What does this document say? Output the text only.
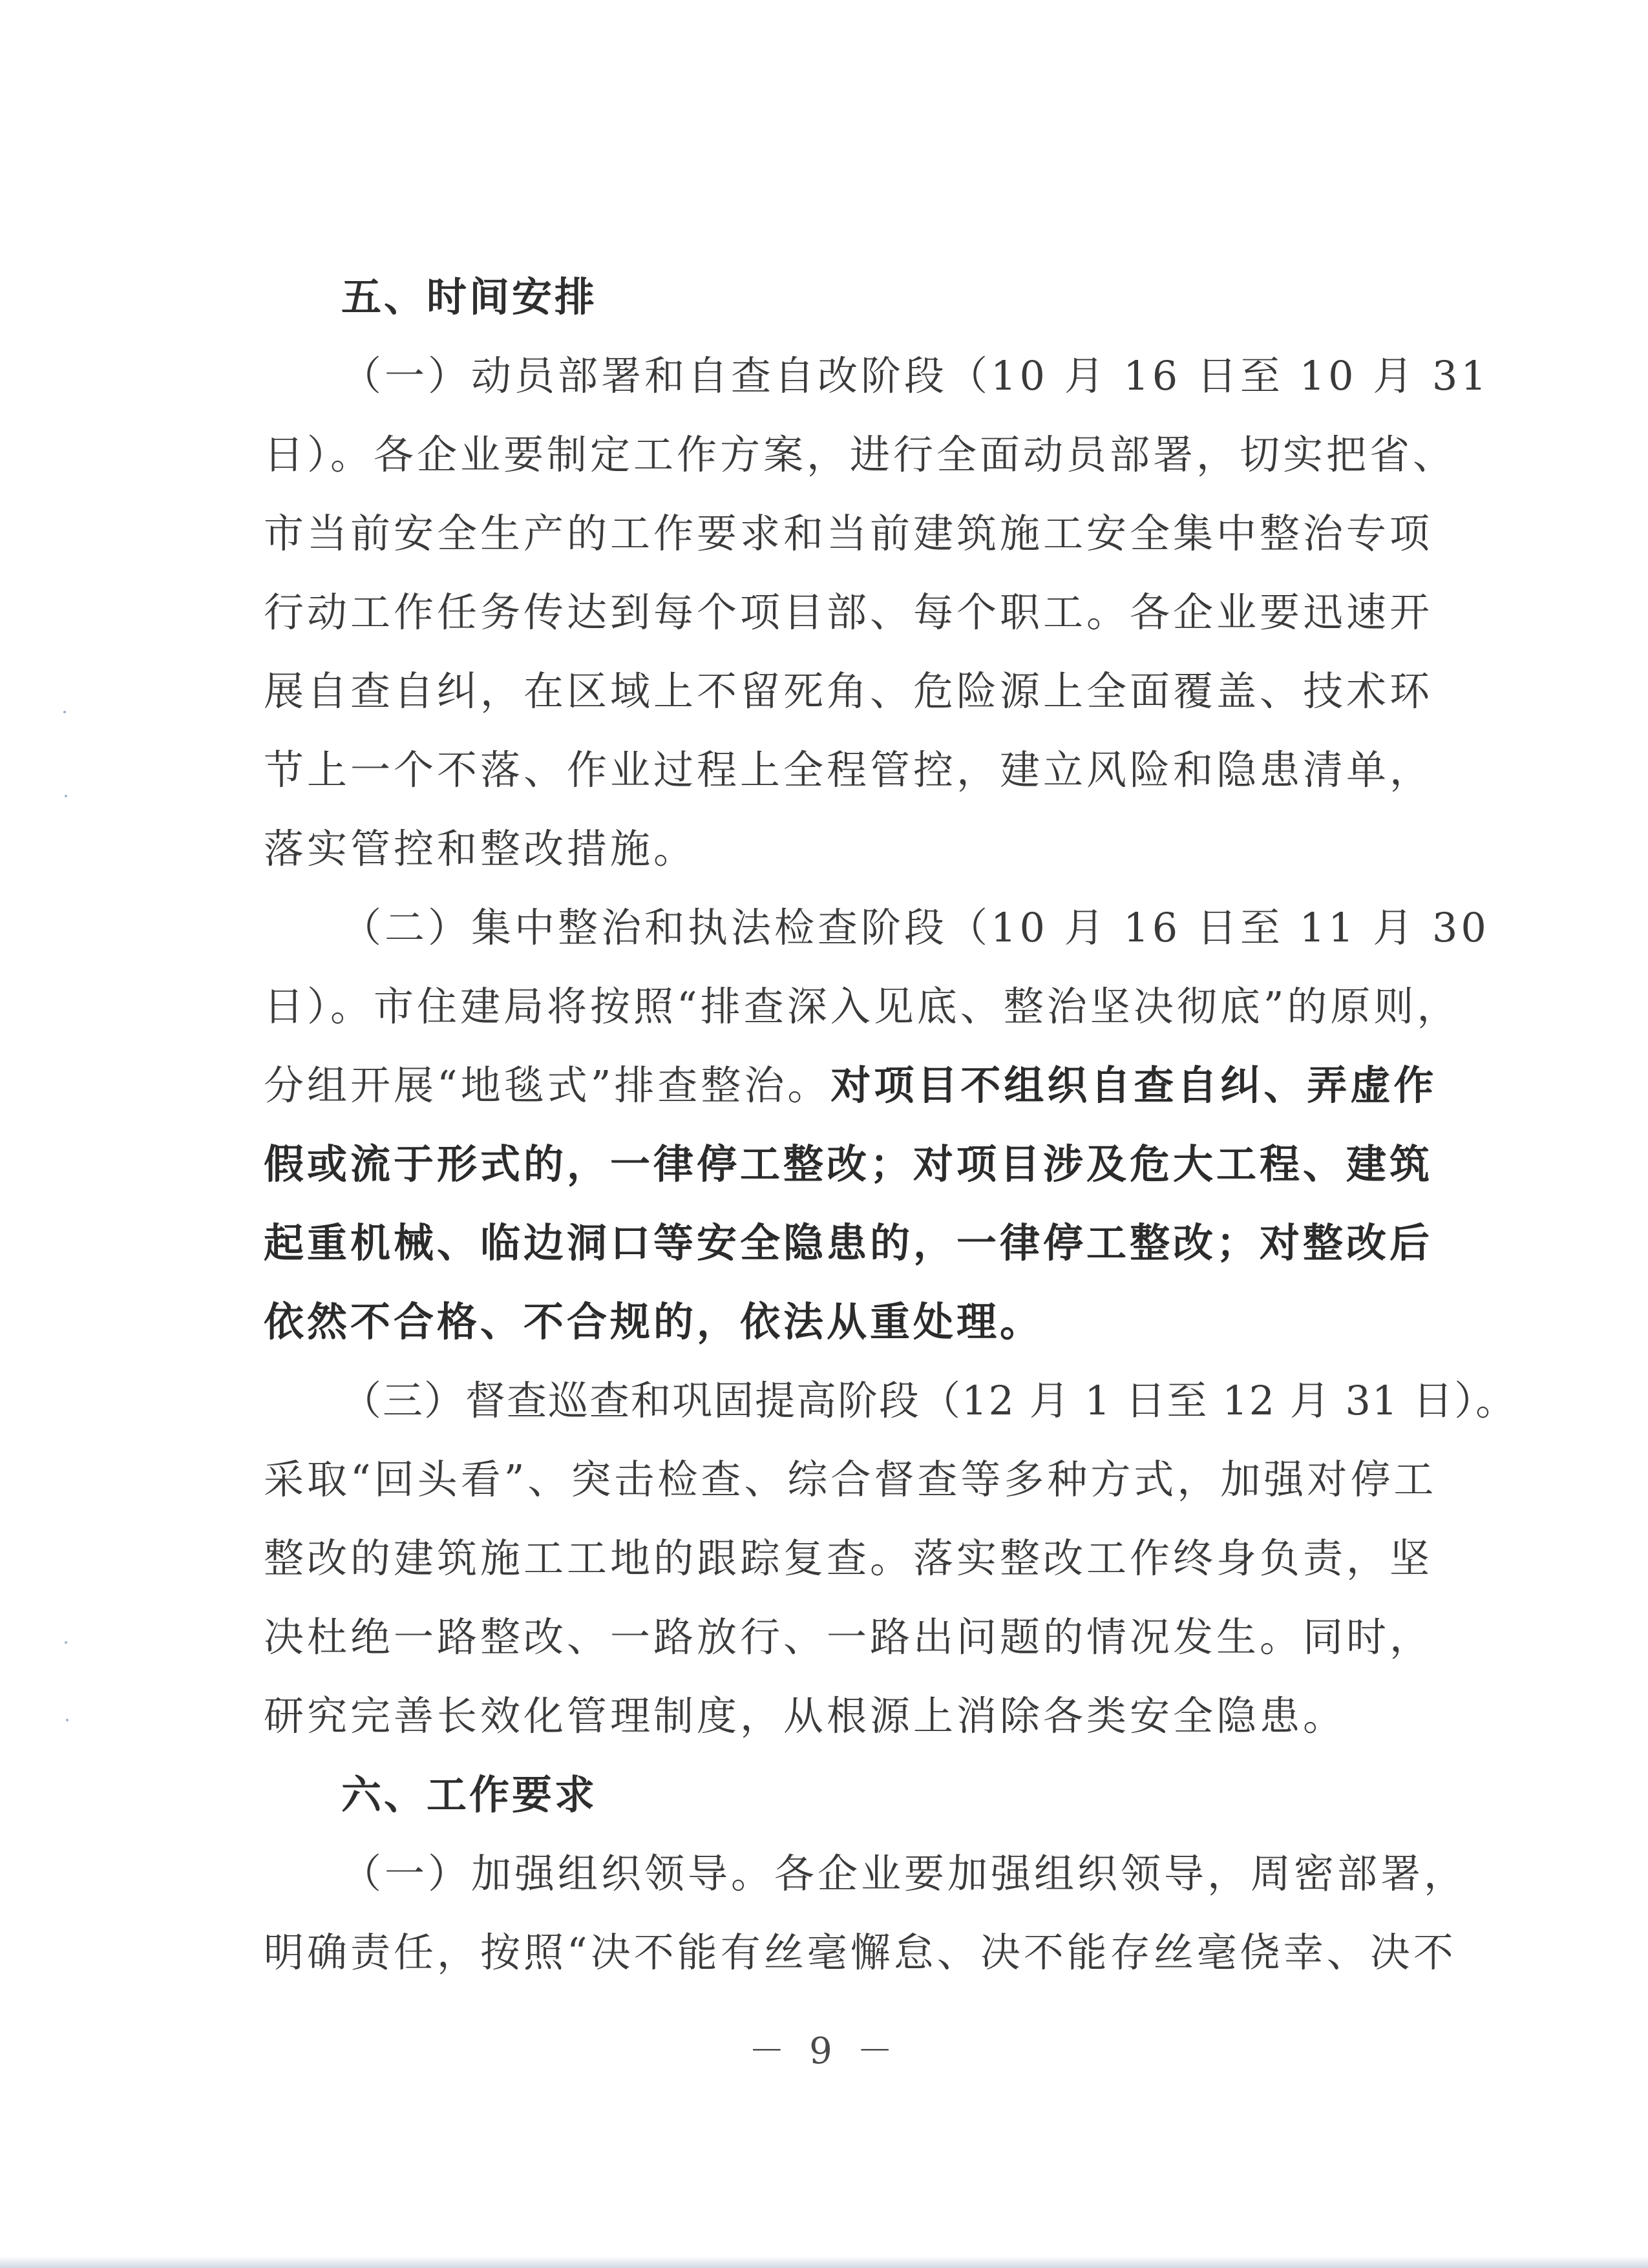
五、时间安排
（一）动员部署和自查自改阶段（10 月 16 日至 10 月 31
日）。各企业要制定工作方案，进行全面动员部署，切实把省、
市当前安全生产的工作要求和当前建筑施工安全集中整治专项
行动工作任务传达到每个项目部、每个职工。各企业要迅速开
展自查自纠，在区域上不留死角、危险源上全面覆盖、技术环
节上一个不落、作业过程上全程管控，建立风险和隐患清单，
落实管控和整改措施。
（二）集中整治和执法检查阶段（10 月 16 日至 11 月 30
日）。市住建局将按照“排查深入见底、整治坚决彻底”的原则，
分组开展“地毯式”排查整治。对项目不组织自查自纠、弄虚作
假或流于形式的，一律停工整改；对项目涉及危大工程、建筑
起重机械、临边洞口等安全隐患的，一律停工整改；对整改后
依然不合格、不合规的，依法从重处理。
（三）督查巡查和巩固提高阶段（12 月 1 日至 12 月 31 日）。
采取“回头看”、突击检查、综合督查等多种方式，加强对停工
整改的建筑施工工地的跟踪复查。落实整改工作终身负责，坚
决杜绝一路整改、一路放行、一路出问题的情况发生。同时，
研究完善长效化管理制度，从根源上消除各类安全隐患。
六、工作要求
（一）加强组织领导。各企业要加强组织领导，周密部署，
明确责任，按照“决不能有丝毫懈怠、决不能存丝毫侥幸、决不
－ 9 －
